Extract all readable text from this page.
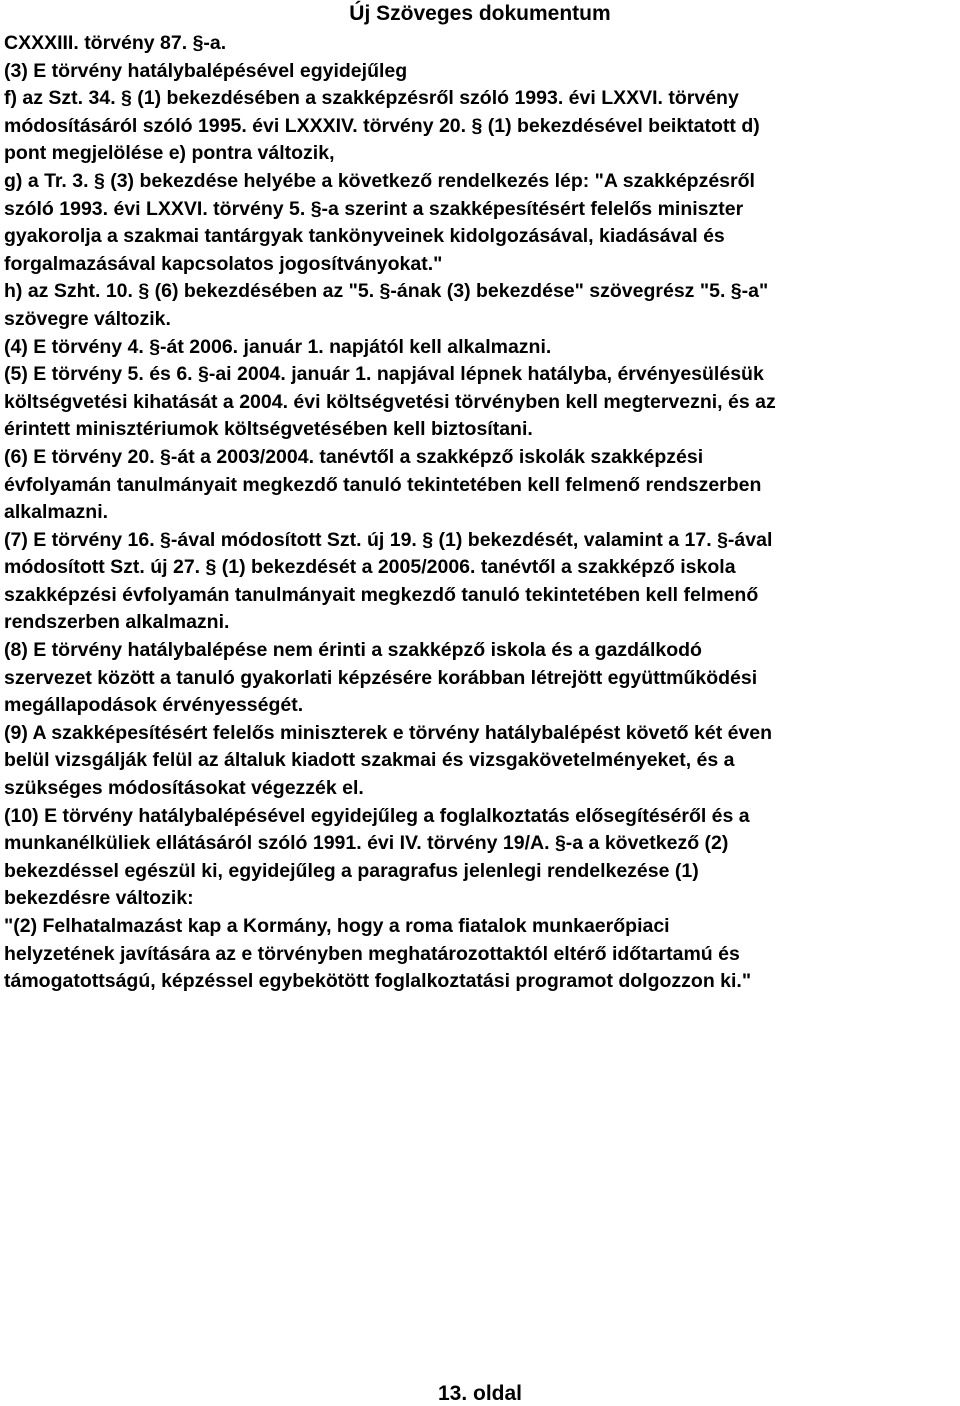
Új Szöveges dokumentum
CXXXIII. törvény 87. §-a.
(3) E törvény hatálybalépésével egyidejűleg
f) az Szt. 34. § (1) bekezdésében a szakképzésről szóló 1993. évi LXXVI. törvény
módosításáról szóló 1995. évi LXXXIV. törvény 20. § (1) bekezdésével beiktatott d)
pont megjelölése e) pontra változik,
g) a Tr. 3. § (3) bekezdése helyébe a következő rendelkezés lép: "A szakképzésről
szóló 1993. évi LXXVI. törvény 5. §-a szerint a szakképesítésért felelős miniszter
gyakorolja a szakmai tantárgyak tankönyveinek kidolgozásával, kiadásával és
forgalmazásával kapcsolatos jogosítványokat."
h) az Szht. 10. § (6) bekezdésében az "5. §-ának (3) bekezdése" szövegrész "5. §-a"
szövegre változik.
(4) E törvény 4. §-át 2006. január 1. napjától kell alkalmazni.
(5) E törvény 5. és 6. §-ai 2004. január 1. napjával lépnek hatályba, érvényesülésük
költségvetési kihatását a 2004. évi költségvetési törvényben kell megtervezni, és az
érintett minisztériumok költségvetésében kell biztosítani.
(6) E törvény 20. §-át a 2003/2004. tanévtől a szakképző iskolák szakképzési
évfolyamán tanulmányait megkezdő tanuló tekintetében kell felmenő rendszerben
alkalmazni.
(7) E törvény 16. §-ával módosított Szt. új 19. § (1) bekezdését, valamint a 17. §-ával
módosított Szt. új 27. § (1) bekezdését a 2005/2006. tanévtől a szakképző iskola
szakképzési évfolyamán tanulmányait megkezdő tanuló tekintetében kell felmenő
rendszerben alkalmazni.
(8) E törvény hatálybalépése nem érinti a szakképző iskola és a gazdálkodó
szervezet között a tanuló gyakorlati képzésére korábban létrejött együttműködési
megállapodások érvényességét.
(9) A szakképesítésért felelős miniszterek e törvény hatálybalépést követő két éven
belül vizsgálják felül az általuk kiadott szakmai és vizsgakövetelményeket, és a
szükséges módosításokat végezzék el.
(10) E törvény hatálybalépésével egyidejűleg a foglalkoztatás elősegítéséről és a
munkanélküliek ellátásáról szóló 1991. évi IV. törvény 19/A. §-a a következő (2)
bekezdéssel egészül ki, egyidejűleg a paragrafus jelenlegi rendelkezése (1)
bekezdésre változik:
"(2) Felhatalmazást kap a Kormány, hogy a roma fiatalok munkaerőpiaci
helyzetének javítására az e törvényben meghatározottaktól eltérő időtartamú és
támogatottságú, képzéssel egybekötött foglalkoztatási programot dolgozzon ki."
13. oldal
